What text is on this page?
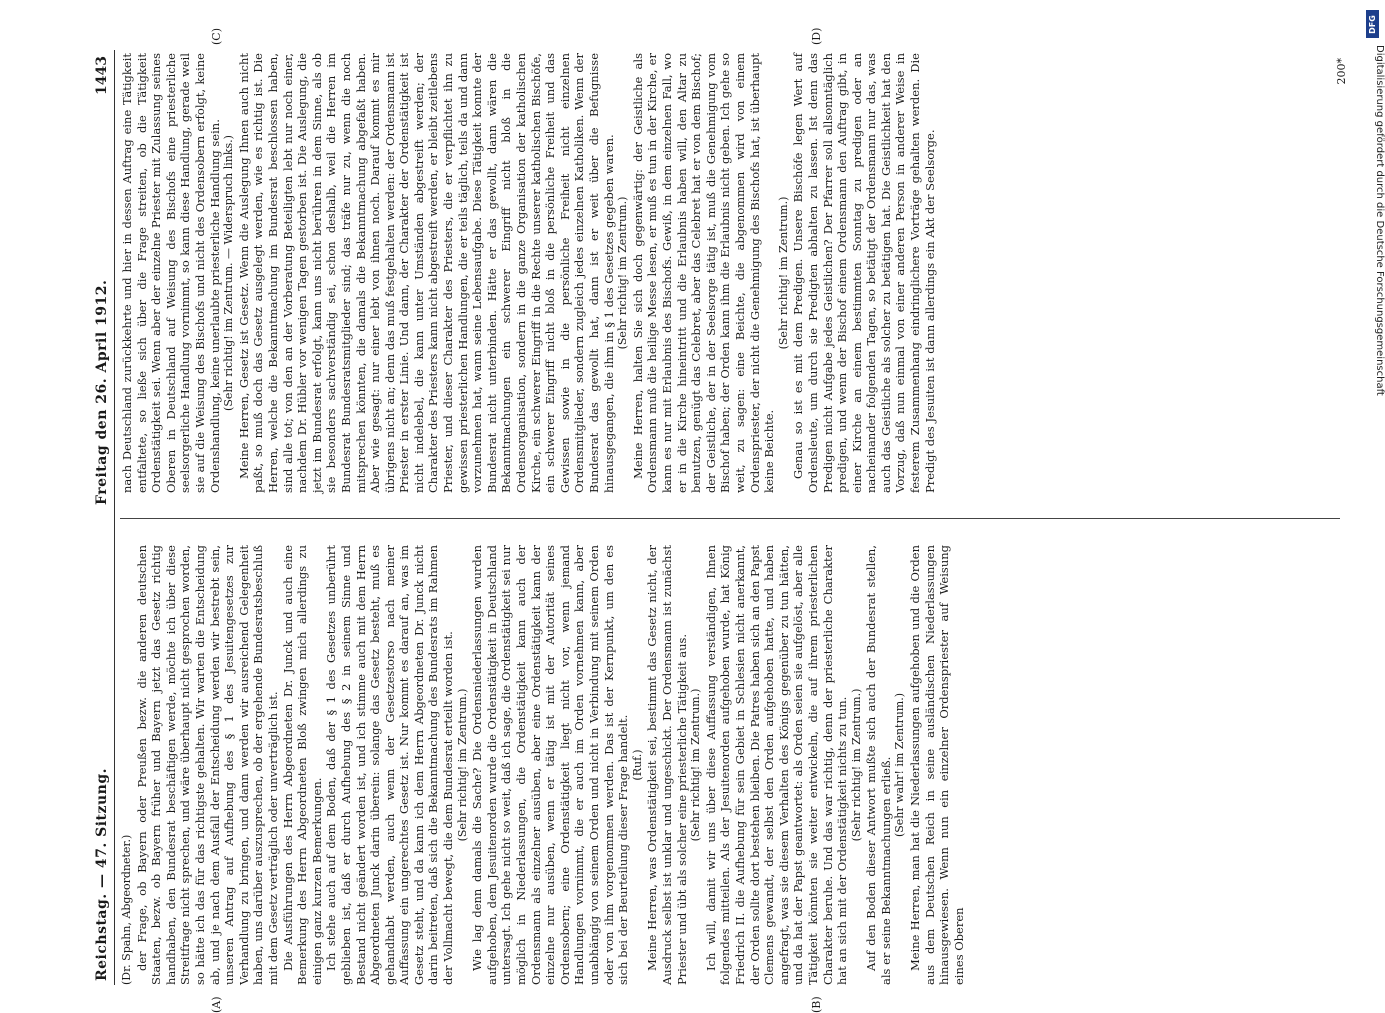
Reichstag. — 47. Sitzung.
Freitag den 26. April 1912.
1443
(A)	(B)
(C)	(D)

(Dr. Spahn, Abgeordneter.) der Frage, ob Bayern oder Preußen bezw. die anderen deutschen Staaten, bezw. ob Bayern früher und Bayern jetzt das Gesetz richtig handhaben, den Bundesrat beschäftigen werde, möchte ich über diese Streitfrage nicht sprechen, und wäre überhaupt nicht gesprochen worden, so hätte ich das für das richtigste gehalten. Wir warten die Entscheidung ab, und je nach dem Ausfall der Entscheidung werden wir bestrebt sein, unseren Antrag auf Aufhebung des § 1 des Jesuitengesetzes zur Verhandlung zu bringen, und dann werden wir ausreichend Gelegenheit haben, uns darüber auszusprechen, ob der ergehende Bundesratsbeschluß mit dem Gesetz verträglich oder unverträglich ist. Die Ausführungen des Herrn Abgeordneten Dr. Junck und auch eine Bemerkung des Herrn Abgeordneten Bloß zwingen mich allerdings zu einigen ganz kurzen Bemerkungen. Ich stehe auch auf dem Boden, daß der § 1 des Gesetzes unberührt geblieben ist, daß er durch Aufhebung des § 2 in seinem Sinne und Bestand nicht geändert worden ist, und ich stimme auch mit dem Herrn Abgeordneten Junck darin überein: solange das Gesetz besteht, muß es gehandhabt werden, auch wenn der Gesetzestorso nach meiner Auffassung ein ungerechtes Gesetz ist. Nur kommt es darauf an, was im Gesetz steht, und da kann ich dem Herrn Abgeordneten Dr. Junck nicht darin beitreten, daß sich die Bekanntmachung des Bundesrats im Rahmen der Vollmacht bewegt, die dem Bundesrat erteilt worden ist. (Sehr richtig! im Zentrum.) Wie lag denn damals die Sache? Die Ordensniederlassungen wurden aufgehoben, dem Jesuitenorden wurde die Ordenstätigkeit in Deutschland untersagt. Ich gehe nicht so weit, daß ich sage, die Ordenstätigkeit sei nur möglich in Niederlassungen, die Ordenstätigkeit kann auch der Ordensmann als einzelner ausüben, aber eine Ordenstätigkeit kann der einzelne nur ausüben, wenn er tätig ist mit der Autorität seines Ordensobern; eine Ordenstätigkeit liegt nicht vor, wenn jemand Handlungen vornimmt, die er auch im Orden vornehmen kann, aber unabhängig von seinem Orden und nicht in Verbindung mit seinem Orden oder von ihm vorgenommen werden. Das ist der Kernpunkt, um den es sich bei der Beurteilung dieser Frage handelt. (Ruf.) Meine Herren, was Ordenstätigkeit sei, bestimmt das Gesetz nicht, der Ausdruck selbst ist unklar und ungeschickt. Der Ordensmann ist zunächst Priester und übt als solcher eine priesterliche Tätigkeit aus. (Sehr richtig! im Zentrum.) Ich will, damit wir uns über diese Auffassung verständigen, Ihnen folgendes mitteilen. Als der Jesuitenorden aufgehoben wurde, hat König Friedrich II. die Aufhebung für sein Gebiet in Schlesien nicht anerkannt, der Orden sollte dort bestehen bleiben. Die Patres haben sich an den Papst Clemens gewandt, der selbst den Orden aufgehoben hatte, und haben angefragt, was sie diesem Verhalten des Königs gegenüber zu tun hätten, und da hat der Papst geantwortet: als Orden seien sie aufgelöst, aber alle Tätigkeit könnten sie weiter entwickeln, die auf ihrem priesterlichen Charakter beruhe. Und das war richtig, denn der priesterliche Charakter hat an sich mit der Ordenstätigkeit nichts zu tun. (Sehr richtig! im Zentrum.) Auf den Boden dieser Antwort mußte sich auch der Bundesrat stellen, als er seine Bekanntmachungen erließ. (Sehr wahr! im Zentrum.) Meine Herren, man hat die Niederlassungen aufgehoben und die Orden aus dem Deutschen Reich in seine ausländischen Niederlassungen hinausgewiesen. Wenn nun ein einzelner Ordenspriester auf Weisung eines Oberen

nach Deutschland zurückkehrte und hier in dessen Auftrag eine Tätigkeit entfaltete, so ließe sich über die Frage streiten, ob die Tätigkeit Ordenstätigkeit sei. Wenn aber der einzelne Priester mit Zulassung seines Oberen in Deutschland auf Weisung des Bischofs eine priesterliche seelsorgerliche Handlung vornimmt, so kann diese Handlung, gerade weil sie auf die Weisung des Bischofs und nicht des Ordensobern erfolgt, keine Ordenshandlung, keine unerlaubte priesterliche Handlung sein. (Sehr richtig! im Zentrum. — Widerspruch links.) Meine Herren, Gesetz ist Gesetz. Wenn die Auslegung Ihnen auch nicht paßt, so muß doch das Gesetz ausgelegt werden, wie es richtig ist. Die Herren, welche die Bekanntmachung im Bundesrat beschlossen haben, sind alle tot; von den an der Vorberatung Beteiligten lebt nur noch einer, nachdem Dr. Hübler vor wenigen Tagen gestorben ist. Die Auslegung, die jetzt im Bundesrat erfolgt, kann uns nicht berühren in dem Sinne, als ob sie besonders sachverständig sei, schon deshalb, weil die Herren im Bundesrat Bundesratsmitglieder sind; das träfe nur zu, wenn die noch mitsprechen könnten, die damals die Bekanntmachung abgefaßt haben. Aber wie gesagt: nur einer lebt von ihnen noch. Darauf kommt es mir übrigens nicht an; denn das muß festgehalten werden: der Ordensmann ist Priester in erster Linie. Und dann, der Charakter der Ordenstätigkeit ist nicht indelebel, die kann unter Umständen abgestreift werden; der Charakter des Priesters kann nicht abgestreift werden, er bleibt zeitlebens Priester, und dieser Charakter des Priesters, die er verpflichtet ihn zu gewissen priesterlichen Handlungen, die er teils täglich, teils da und dann vorzunehmen hat, wann seine Lebensaufgabe. Diese Tätigkeit konnte der Bundesrat nicht unterbinden. Hätte er das gewollt, dann wären die Bekanntmachungen ein schwerer Eingriff nicht bloß in die Ordensorganisation, sondern in die ganze Organisation der katholischen Kirche, ein schwerer Eingriff in die Rechte unserer katholischen Bischöfe, ein schwerer Eingriff nicht bloß in die persönliche Freiheit und das Gewissen sowie in die persönliche Freiheit nicht einzelnen Ordensmitglieder, sondern zugleich jedes einzelnen Katholiken. Wenn der Bundesrat das gewollt hat, dann ist er weit über die Befugnisse hinausgegangen, die ihm in § 1 des Gesetzes gegeben waren. (Sehr richtig! im Zentrum.) Meine Herren, halten Sie sich doch gegenwärtig: der Geistliche als Ordensmann muß die heilige Messe lesen, er muß es tun in der Kirche, er kann es nur mit Erlaubnis des Bischofs. Gewiß, in dem einzelnen Fall, wo er in die Kirche hineintritt und die Erlaubnis haben will, den Altar zu benutzen, genügt das Celebret, aber das Celebret hat er von dem Bischof; der Geistliche, der in der Seelsorge tätig ist, muß die Genehmigung vom Bischof haben; der Orden kann ihm die Erlaubnis nicht geben. Ich gehe so weit, zu sagen: eine Beichte, die abgenommen wird von einem Ordenspriester, der nicht die Genehmigung des Bischofs hat, ist überhaupt keine Beichte.

(Sehr richtig! im Zentrum.) Genau so ist es mit dem Predigen. Unsere Bischöfe legen Wert auf Ordensleute, um durch sie Predigten abhalten zu lassen. Ist denn das Predigen nicht Aufgabe jedes Geistlichen? Der Pfarrer soll allsonntäglich predigen, und wenn der Bischof einem Ordensmann den Auftrag gibt, in einer Kirche an einem bestimmten Sonntag zu predigen oder an nacheinander folgenden Tagen, so betätigt der Ordensmann nur das, was auch das Geistliche als solcher zu betätigen hat. Die Geistlichkeit hat den Vorzug, daß nun einmal von einer anderen Person in anderer Weise in festerem Zusammenhang eindringlichere Vorträge gehalten werden. Die Predigt des Jesuiten ist dann allerdings ein Akt der Seelsorge.

200*
DFG
Digitalisierung gefördert durch die Deutsche Forschungsgemeinschaft
